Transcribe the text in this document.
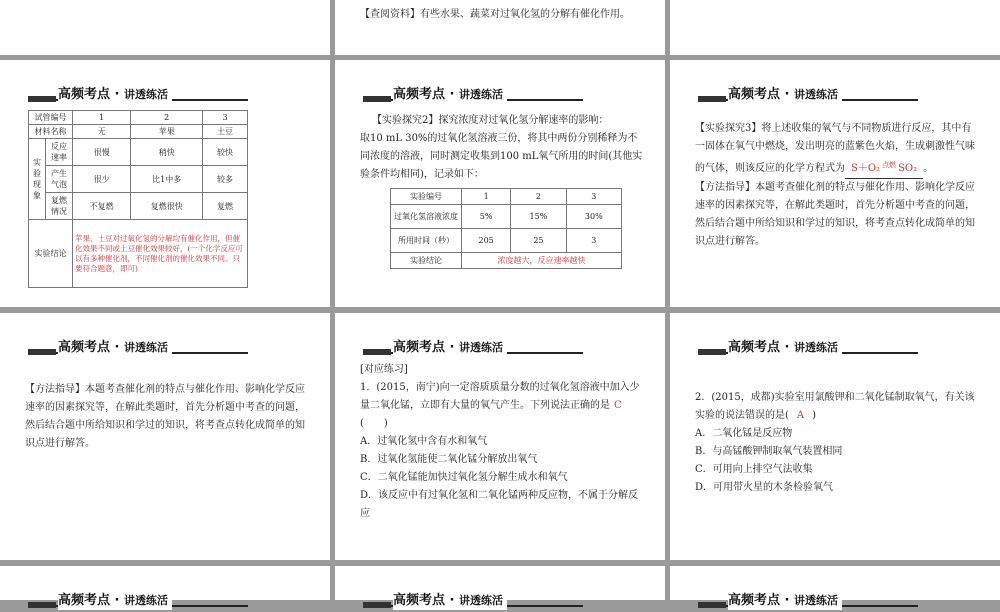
【查阅资料】有些水果、蔬菜对过氧化氢的分解有催化作用。
高频考点 · 讲透练活
试管编号		1	2	3
材料名称		无	苹果	土豆
实验现象	反应速率	很慢	稍快	较快
	产生气泡	很少	比1中多	较多
	复燃情况	不复燃	复燃很快	复燃
实验结论		苹果、土豆对过氧化氢的分解均有催化作用，但催化效果不同或土豆催化效果较好，(一个化学反应可以有多种催化剂，不同催化剂的催化效果不同。只要符合题意，即可)		
高频考点 · 讲透练活

【实验探究2】探究浓度对过氧化氢分解速率的影响：

取10 mL 30%的过氧化氢溶液三份，将其中两份分别稀释为不同浓度的溶液，同时测定收集到100 mL氧气所用的时间(其他实验条件均相同)，记录如下：

实验编号	1	2	3
过氧化氢溶液浓度	5%	15%	30%
所用时间（秒）	205	25	3
实验结论	浓度越大，反应速率越快		
高频考点 · 讲透练活

【实验探究3】将上述收集的氧气与不同物质进行反应，其中有一固体在氧气中燃烧，发出明亮的蓝紫色火焰，生成刺激性气味的气体，则该反应的化学方程式为 S＋O₂ $^{点燃}$ SO₂ 。

【方法指导】本题考查催化剂的特点与催化作用、影响化学反应速率的因素探究等，在解此类题时，首先分析题中考查的问题，然后结合题中所给知识和学过的知识，将考查点转化成简单的知识点进行解答。

高频考点 · 讲透练活
【方法指导】本题考查催化剂的特点与催化作用、影响化学反应速率的因素探究等，在解此类题时，首先分析题中考查的问题，然后结合题中所给知识和学过的知识，将考查点转化成简单的知识点进行解答。
高频考点 · 讲透练活

[对应练习]

1．(2015，南宁)向一定溶质质量分数的过氧化氢溶液中加入少量二氧化锰，立即有大量的氧气产生。下列说法正确的是 C

(　　)

A．过氧化氢中含有水和氧气

B．过氧化氢能使二氧化锰分解放出氧气

C．二氧化锰能加快过氧化氢分解生成水和氧气

D．该反应中有过氧化氢和二氧化锰两种反应物，不属于分解反应

高频考点 · 讲透练活

2．(2015，成都)实验室用氯酸钾和二氧化锰制取氧气，有关该实验的说法错误的是( A )

A．二氧化锰是反应物

B．与高锰酸钾制取氧气装置相同

C．可用向上排空气法收集

D．可用带火星的木条检验氧气

高频考点 · 讲透练活	高频考点 · 讲透练活	高频考点 · 讲透练活
